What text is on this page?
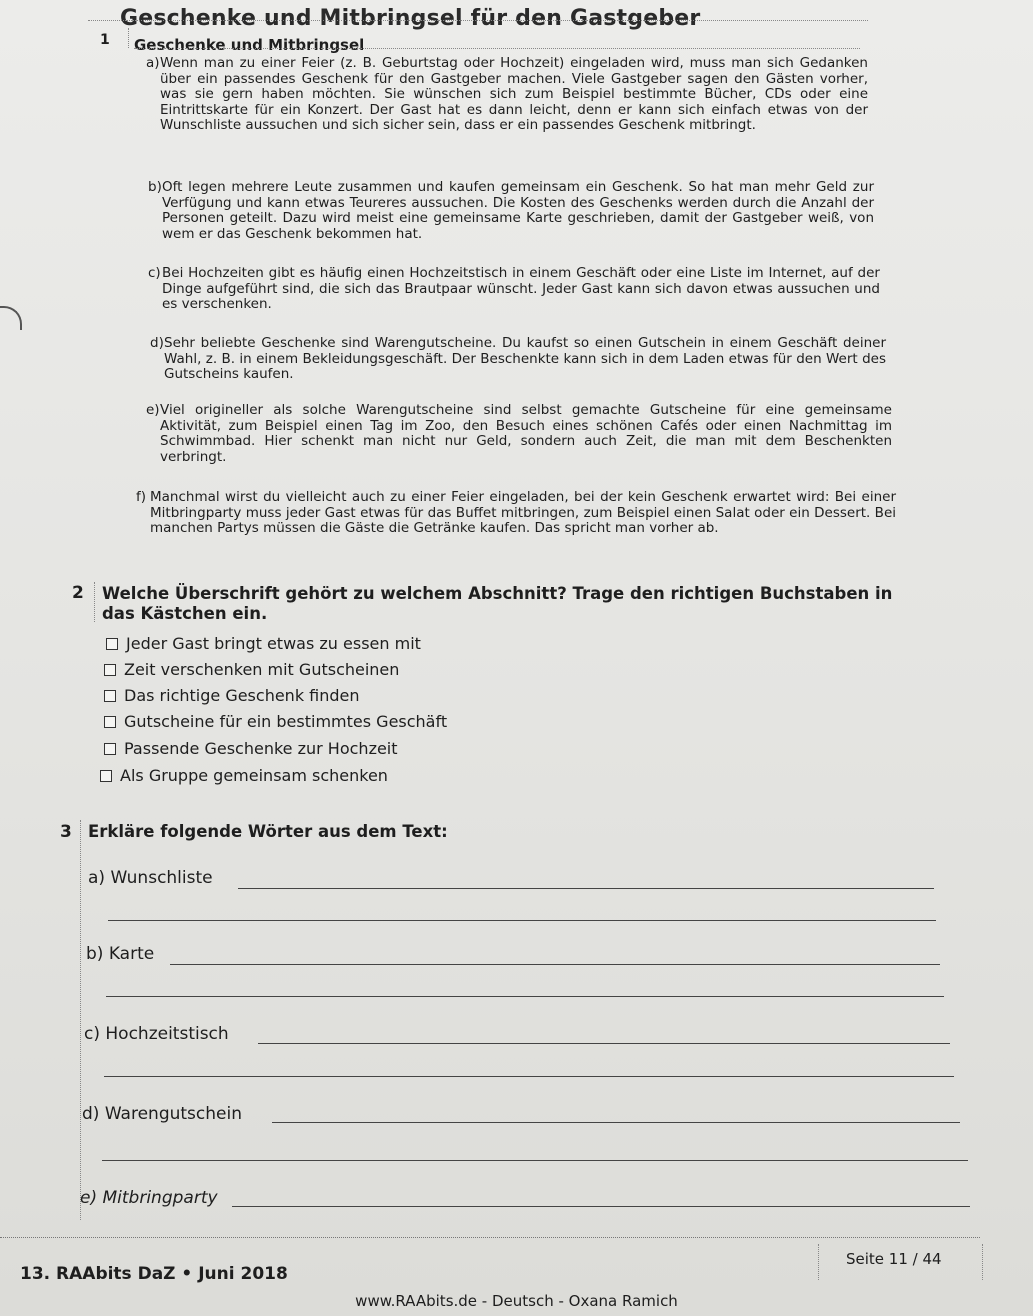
Geschenke und Mitbringsel für den Gastgeber
1 Geschenke und Mitbringsel
a) Wenn man zu einer Feier (z. B. Geburtstag oder Hochzeit) eingeladen wird, muss man sich Gedanken über ein passendes Geschenk für den Gastgeber machen. Viele Gastgeber sagen den Gästen vorher, was sie gern haben möchten. Sie wünschen sich zum Beispiel bestimmte Bücher, CDs oder eine Eintrittskarte für ein Konzert. Der Gast hat es dann leicht, denn er kann sich einfach etwas von der Wunschliste aussuchen und sich sicher sein, dass er ein passendes Geschenk mitbringt.
b) Oft legen mehrere Leute zusammen und kaufen gemeinsam ein Geschenk. So hat man mehr Geld zur Verfügung und kann etwas Teureres aussuchen. Die Kosten des Geschenks werden durch die Anzahl der Personen geteilt. Dazu wird meist eine gemeinsame Karte geschrieben, damit der Gastgeber weiß, von wem er das Geschenk bekommen hat.
c) Bei Hochzeiten gibt es häufig einen Hochzeitstisch in einem Geschäft oder eine Liste im Internet, auf der Dinge aufgeführt sind, die sich das Brautpaar wünscht. Jeder Gast kann sich davon etwas aussuchen und es verschenken.
d) Sehr beliebte Geschenke sind Warengutscheine. Du kaufst so einen Gutschein in einem Geschäft deiner Wahl, z. B. in einem Bekleidungsgeschäft. Der Beschenkte kann sich in dem Laden etwas für den Wert des Gutscheins kaufen.
e) Viel origineller als solche Warengutscheine sind selbst gemachte Gutscheine für eine gemeinsame Aktivität, zum Beispiel einen Tag im Zoo, den Besuch eines schönen Cafés oder einen Nachmittag im Schwimmbad. Hier schenkt man nicht nur Geld, sondern auch Zeit, die man mit dem Beschenkten verbringt.
f) Manchmal wirst du vielleicht auch zu einer Feier eingeladen, bei der kein Geschenk erwartet wird: Bei einer Mitbringparty muss jeder Gast etwas für das Buffet mitbringen, zum Beispiel einen Salat oder ein Dessert. Bei manchen Partys müssen die Gäste die Getränke kaufen. Das spricht man vorher ab.
2 Welche Überschrift gehört zu welchem Abschnitt? Trage den richtigen Buchstaben in das Kästchen ein.
Jeder Gast bringt etwas zu essen mit
Zeit verschenken mit Gutscheinen
Das richtige Geschenk finden
Gutscheine für ein bestimmtes Geschäft
Passende Geschenke zur Hochzeit
Als Gruppe gemeinsam schenken
3 Erkläre folgende Wörter aus dem Text:
a) Wunschliste
b) Karte
c) Hochzeitstisch
d) Warengutschein
e) Mitbringparty
13. RAAbits DaZ • Juni 2018
Seite 11 / 44
www.RAAbits.de - Deutsch - Oxana Ramich
